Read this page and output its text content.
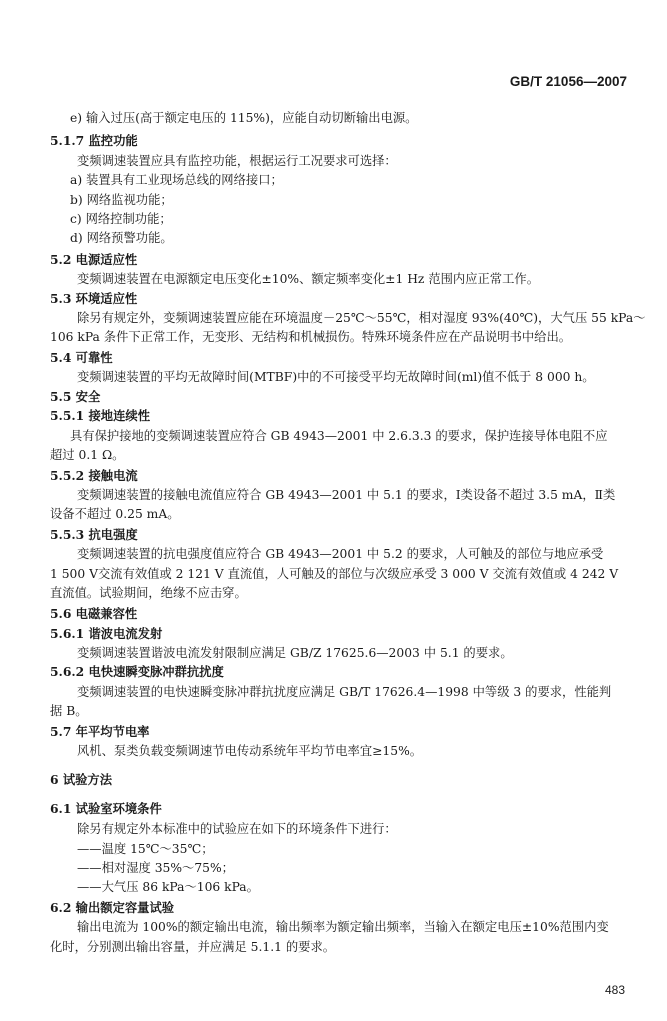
GB/T 21056—2007
e) 输入过压(高于额定电压的 115%)，应能自动切断输出电源。
5.1.7 监控功能
变频调速装置应具有监控功能，根据运行工况要求可选择：
a) 装置具有工业现场总线的网络接口；
b) 网络监视功能；
c) 网络控制功能；
d) 网络预警功能。
5.2 电源适应性
变频调速装置在电源额定电压变化±10%、额定频率变化±1 Hz 范围内应正常工作。
5.3 环境适应性
除另有规定外，变频调速装置应能在环境温度－25℃～55℃，相对湿度 93%(40℃)，大气压 55 kPa～
106 kPa 条件下正常工作，无变形、无结构和机械损伤。特殊环境条件应在产品说明书中给出。
5.4 可靠性
变频调速装置的平均无故障时间(MTBF)中的不可接受平均无故障时间(ml)值不低于 8 000 h。
5.5 安全
5.5.1 接地连续性
具有保护接地的变频调速装置应符合 GB 4943—2001 中 2.6.3.3 的要求，保护连接导体电阻不应
超过 0.1 Ω。
5.5.2 接触电流
变频调速装置的接触电流值应符合 GB 4943—2001 中 5.1 的要求，Ⅰ类设备不超过 3.5 mA，Ⅱ类
设备不超过 0.25 mA。
5.5.3 抗电强度
变频调速装置的抗电强度值应符合 GB 4943—2001 中 5.2 的要求，人可触及的部位与地应承受
1 500 V交流有效值或 2 121 V 直流值，人可触及的部位与次级应承受 3 000 V 交流有效值或 4 242 V
直流值。试验期间，绝缘不应击穿。
5.6 电磁兼容性
5.6.1 谐波电流发射
变频调速装置谐波电流发射限制应满足 GB/Z 17625.6—2003 中 5.1 的要求。
5.6.2 电快速瞬变脉冲群抗扰度
变频调速装置的电快速瞬变脉冲群抗扰度应满足 GB/T 17626.4—1998 中等级 3 的要求，性能判
据 B。
5.7 年平均节电率
风机、泵类负载变频调速节电传动系统年平均节电率宜≥15%。
6 试验方法
6.1 试验室环境条件
除另有规定外本标准中的试验应在如下的环境条件下进行：
——温度 15℃～35℃；
——相对湿度 35%～75%；
——大气压 86 kPa～106 kPa。
6.2 输出额定容量试验
输出电流为 100%的额定输出电流，输出频率为额定输出频率，当输入在额定电压±10%范围内变
化时，分别测出输出容量，并应满足 5.1.1 的要求。
483
